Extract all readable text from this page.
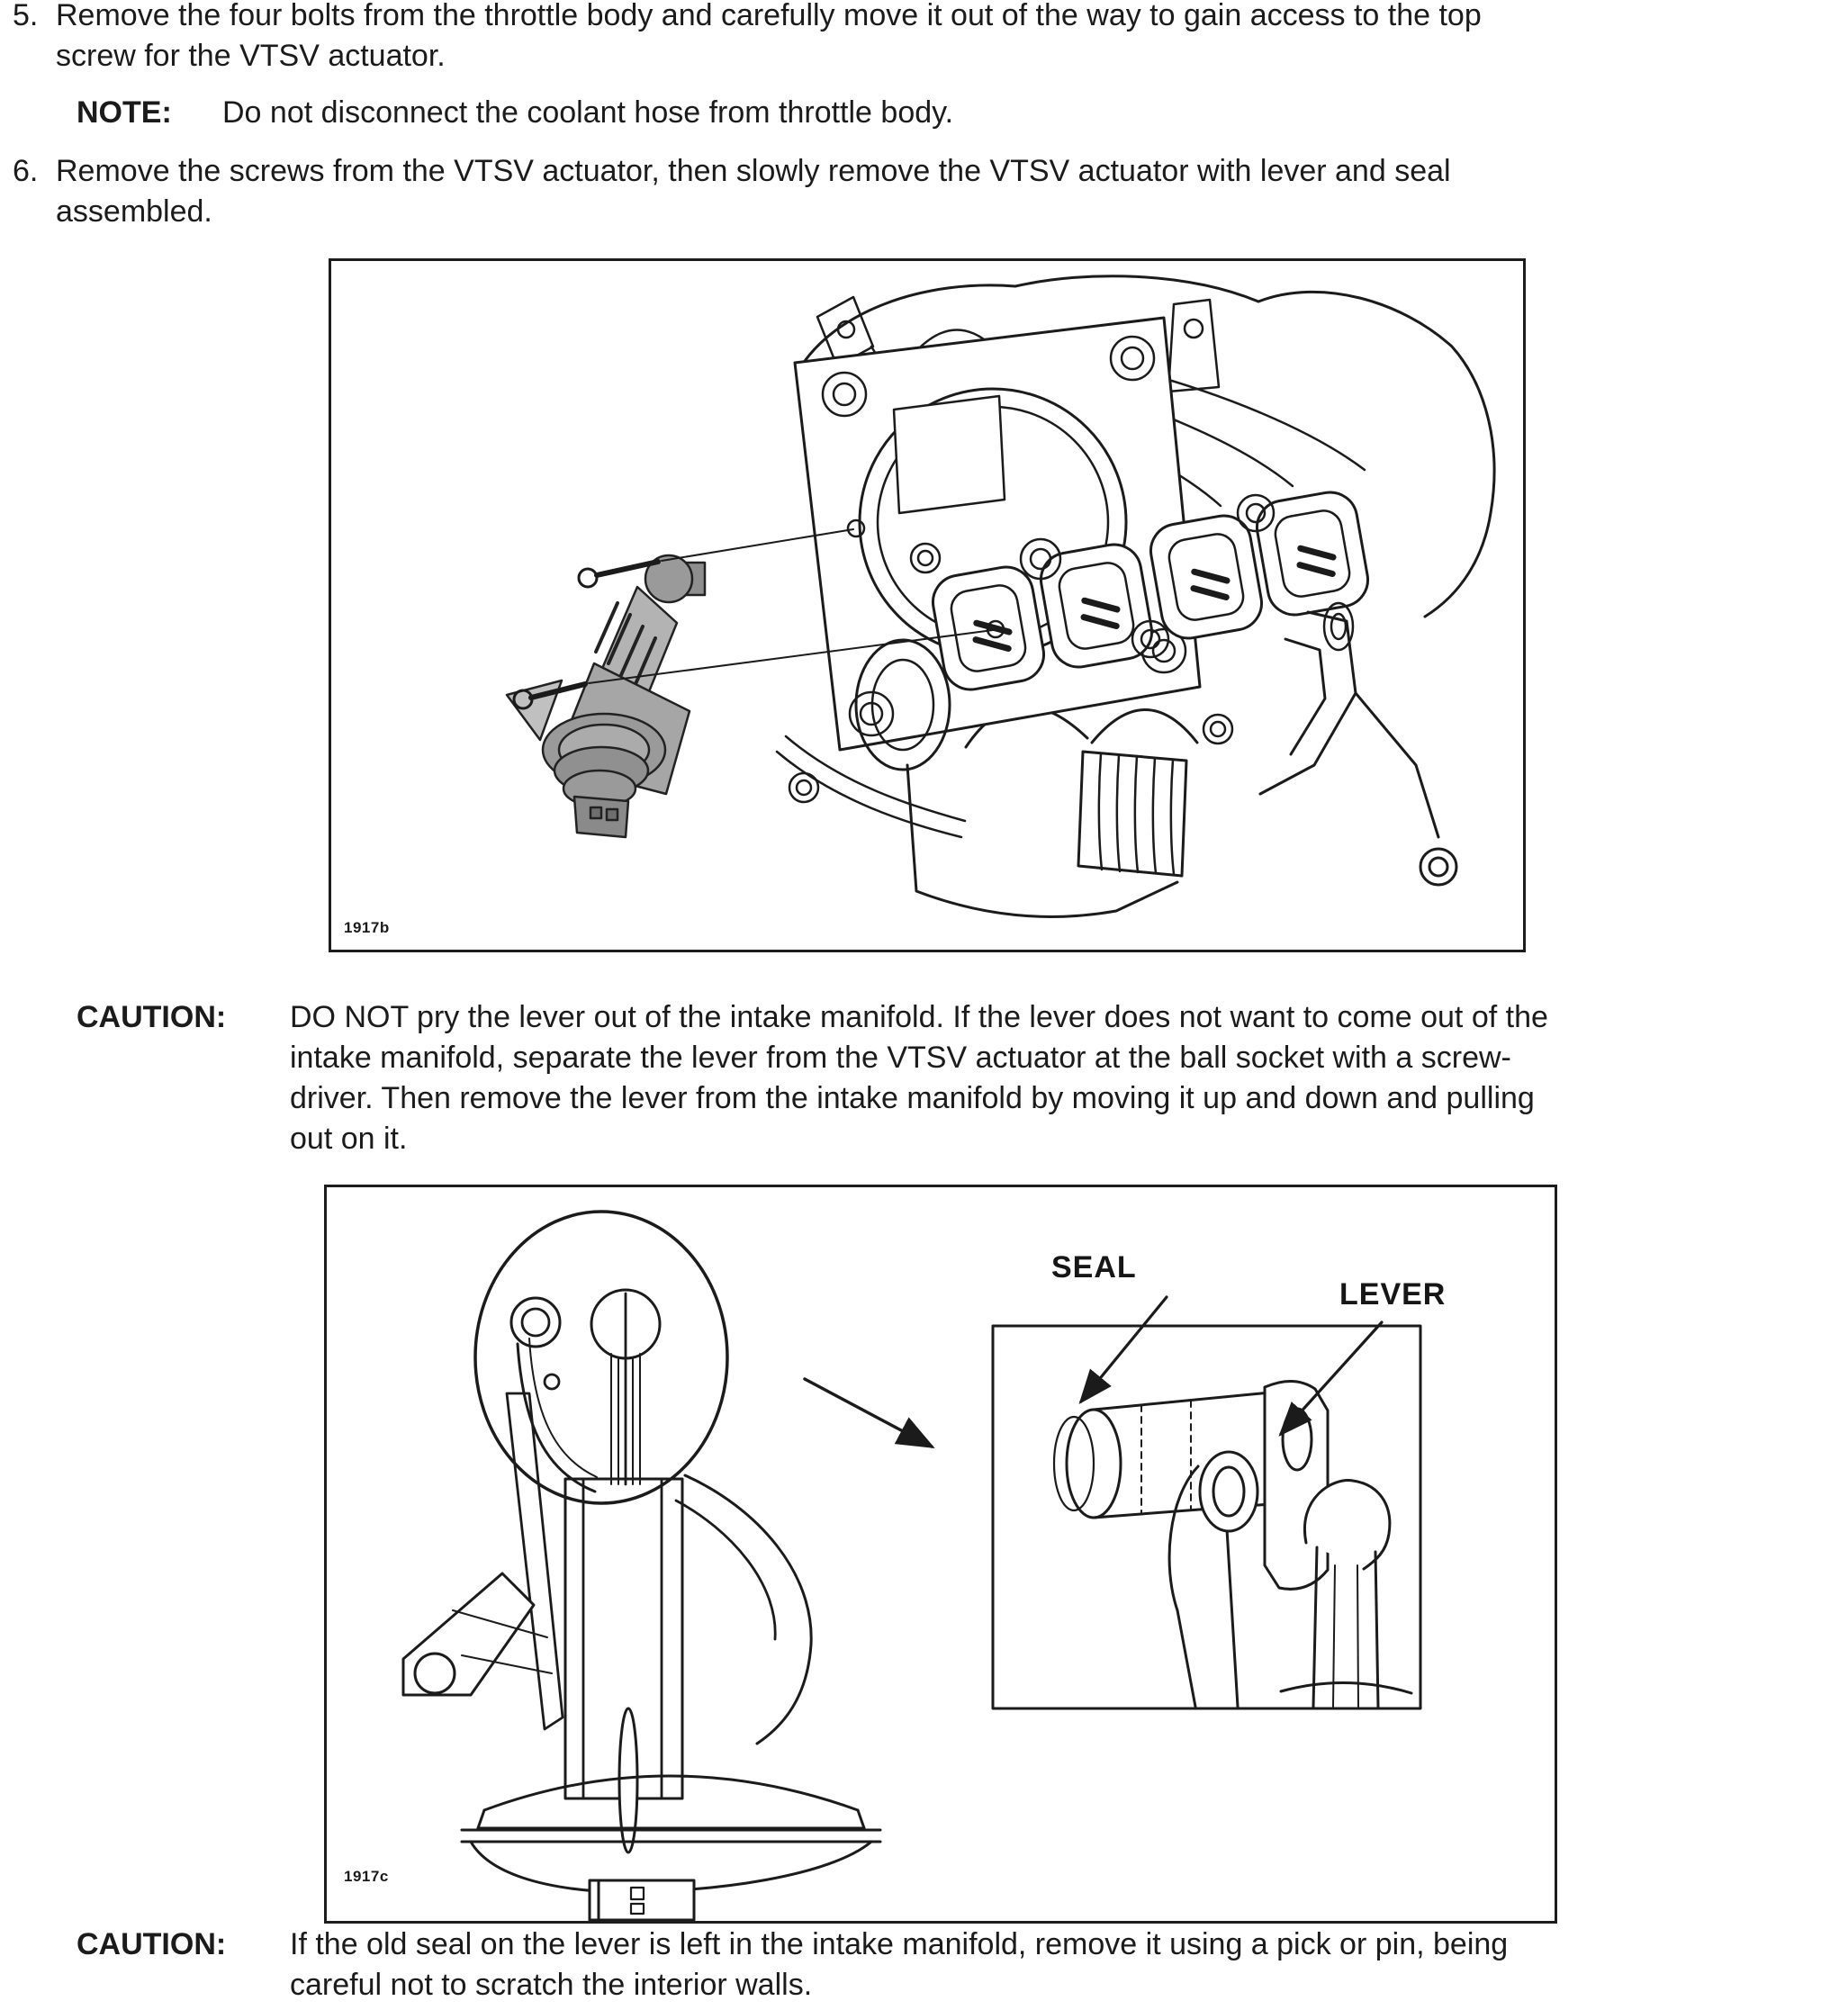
5. Remove the four bolts from the throttle body and carefully move it out of the way to gain access to the top
screw for the VTSV actuator.
NOTE:	Do not disconnect the coolant hose from throttle body.
6. Remove the screws from the VTSV actuator, then slowly remove the VTSV actuator with lever and seal
assembled.
1917b
CAUTION:	DO NOT pry the lever out of the intake manifold. If the lever does not want to come out of the
intake manifold, separate the lever from the VTSV actuator at the ball socket with a screw-
driver. Then remove the lever from the intake manifold by moving it up and down and pulling
out on it.
1917c
SEAL
LEVER
CAUTION:	If the old seal on the lever is left in the intake manifold, remove it using a pick or pin, being
careful not to scratch the interior walls.
